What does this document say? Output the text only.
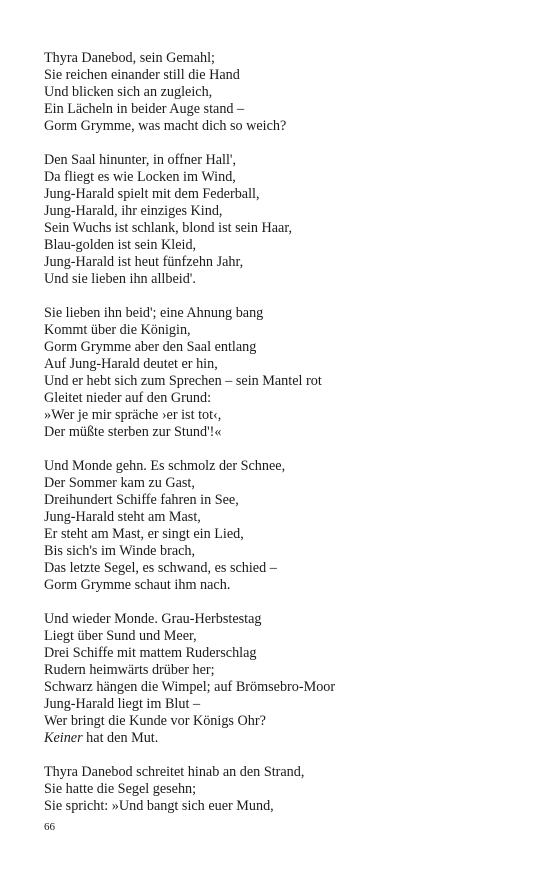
Thyra Danebod, sein Gemahl;
Sie reichen einander still die Hand
Und blicken sich an zugleich,
Ein Lächeln in beider Auge stand –
Gorm Grymme, was macht dich so weich?
Den Saal hinunter, in offner Hall',
Da fliegt es wie Locken im Wind,
Jung-Harald spielt mit dem Federball,
Jung-Harald, ihr einziges Kind,
Sein Wuchs ist schlank, blond ist sein Haar,
Blau-golden ist sein Kleid,
Jung-Harald ist heut fünfzehn Jahr,
Und sie lieben ihn allbeid'.
Sie lieben ihn beid'; eine Ahnung bang
Kommt über die Königin,
Gorm Grymme aber den Saal entlang
Auf Jung-Harald deutet er hin,
Und er hebt sich zum Sprechen – sein Mantel rot
Gleitet nieder auf den Grund:
»Wer je mir spräche ›er ist tot‹,
Der müßte sterben zur Stund'!«
Und Monde gehn. Es schmolz der Schnee,
Der Sommer kam zu Gast,
Dreihundert Schiffe fahren in See,
Jung-Harald steht am Mast,
Er steht am Mast, er singt ein Lied,
Bis sich's im Winde brach,
Das letzte Segel, es schwand, es schied –
Gorm Grymme schaut ihm nach.
Und wieder Monde. Grau-Herbstestag
Liegt über Sund und Meer,
Drei Schiffe mit mattem Ruderschlag
Rudern heimwärts drüber her;
Schwarz hängen die Wimpel; auf Brömsebro-Moor
Jung-Harald liegt im Blut –
Wer bringt die Kunde vor Königs Ohr?
Keiner hat den Mut.
Thyra Danebod schreitet hinab an den Strand,
Sie hatte die Segel gesehn;
Sie spricht: »Und bangt sich euer Mund,
66
